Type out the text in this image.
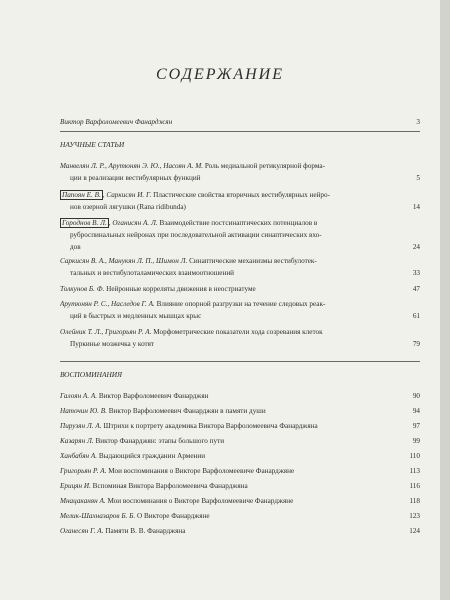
СОДЕРЖАНИЕ
Виктор Варфоломеевич Фанарджян	3
НАУЧНЫЕ СТАТЬИ
Манвелян Л. Р., Арутюнян Э. Ю., Насоян А. М. Роль медиальной ретикулярной форма-
ции в реализации вестибулярных функций	5
Папоян Е. В. , Саркисян И. Г. Пластические свойства вторичных вестибулярных нейро-
нов озерной лягушки (Rana ridibunda)	14
Городнов В. Л. , Оганисян А. Л. Взаимодействие постсинаптических потенциалов в
руброспинальных нейронах при последовательной активации синаптических вхо-
дов	24
Саркисян В. А., Манукян Л. П., Шимон Л. Синаптические механизмы вестибулотек-
тальных и вестибулоталамических взаимоотношений	33
Толкунов Б. Ф. Нейронные корреляты движения в неостриатуме	47
Арутюнян Р. С., Наследов Г. А. Влияние опорной разгрузки на течение следовых реак-
ций в быстрых и медленных мышцах крыс	61
Олейник Т. Л., Григорьян Р. А. Морфометрические показатели хода созревания клеток
Пуркинье мозжечка у котят	79
ВОСПОМИНАНИЯ
Галоян А. А. Виктор Варфоломеевич Фанарджян	90
Наточин Ю. В. Виктор Варфоломеевич Фанарджян в памяти души	94
Пирузян Л. А. Штрихи к портрету академика Виктора Варфоломеевича Фанарджяна	97
Казарян Л. Виктор Фанарджян: этапы большого пути	99
Ханбабян А. Выдающийся гражданин Армении	110
Григорьян Р. А. Мои воспоминания о Викторе Варфоломеевиче Фанарджяне	113
Ерицян И. Вспоминая Виктора Варфоломеевича Фанарджяна	116
Мнацаканян А. Мои воспоминания о Викторе Варфоломеевиче Фанарджяне	118
Мелик-Шахназаров Б. Б. О Викторе Фанарджяне	123
Оганесян Г. А. Памяти В. В. Фанарджяна	124
